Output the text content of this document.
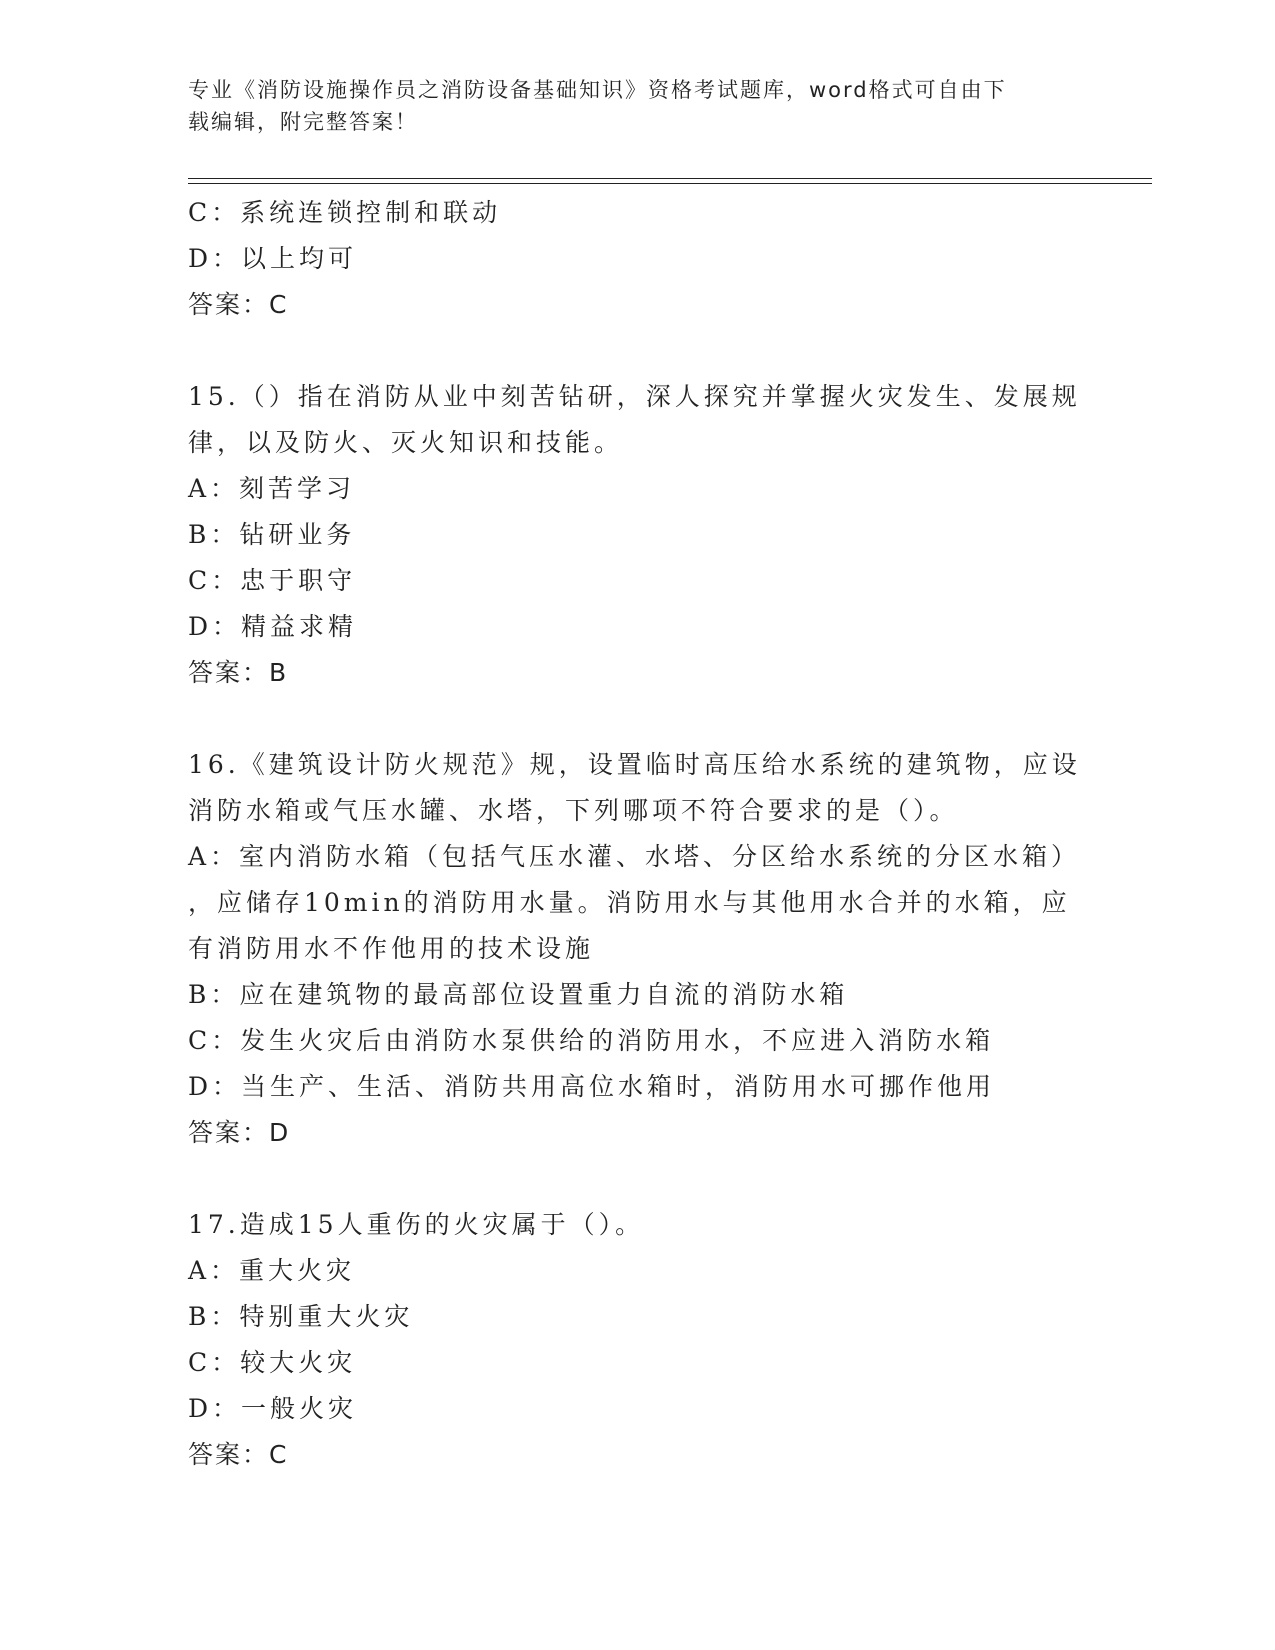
专业《消防设施操作员之消防设备基础知识》资格考试题库，word格式可自由下
载编辑，附完整答案！
C：系统连锁控制和联动
D：以上均可
答案：C
15.（）指在消防从业中刻苦钻研，深人探究并掌握火灾发生、发展规
律，以及防火、灭火知识和技能。
A：刻苦学习
B：钻研业务
C：忠于职守
D：精益求精
答案：B
16.《建筑设计防火规范》规，设置临时高压给水系统的建筑物，应设
消防水箱或气压水罐、水塔，下列哪项不符合要求的是（）。
A：室内消防水箱（包括气压水灌、水塔、分区给水系统的分区水箱）
，应储存10min的消防用水量。消防用水与其他用水合并的水箱，应
有消防用水不作他用的技术设施
B：应在建筑物的最高部位设置重力自流的消防水箱
C：发生火灾后由消防水泵供给的消防用水，不应进入消防水箱
D：当生产、生活、消防共用高位水箱时，消防用水可挪作他用
答案：D
17.造成15人重伤的火灾属于（）。
A：重大火灾
B：特别重大火灾
C：较大火灾
D：一般火灾
答案：C
